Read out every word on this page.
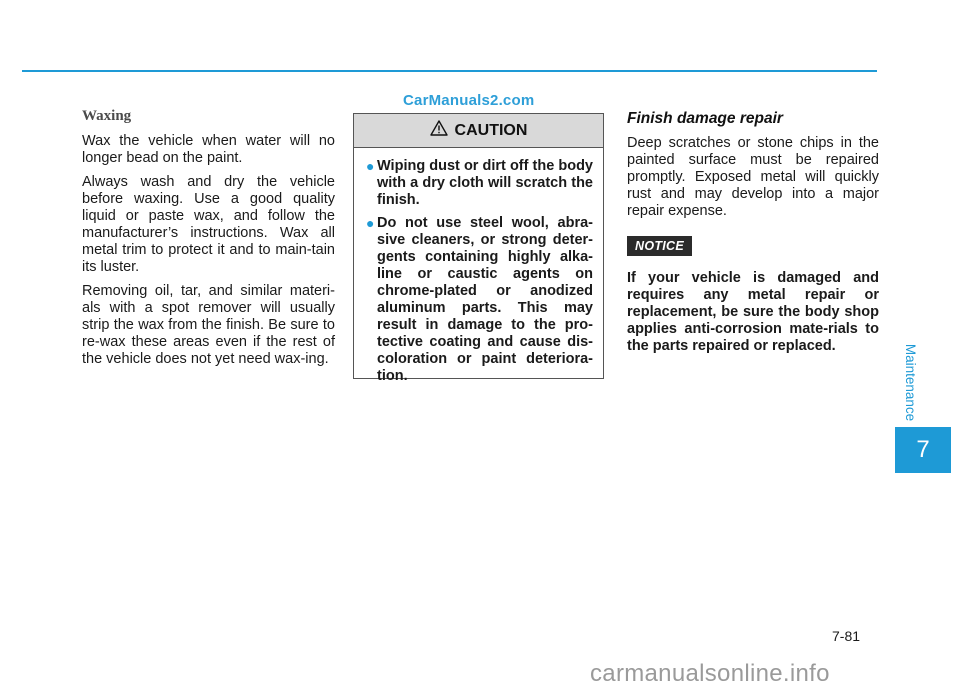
CarManuals2.com
Waxing

Wax the vehicle when water will no longer bead on the paint.

Always wash and dry the vehicle before waxing. Use a good quality liquid or paste wax, and follow the manufacturer’s instructions. Wax all metal trim to protect it and to main-tain its luster.

Removing oil, tar, and similar materi-als with a spot remover will usually strip the wax from the finish. Be sure to re-wax these areas even if the rest of the vehicle does not yet need wax-ing.

CAUTION
● Wiping dust or dirt off the body with a dry cloth will scratch the finish.
● Do not use steel wool, abra-sive cleaners, or strong deter-gents containing highly alka-line or caustic agents on chrome-plated or anodized aluminum parts. This may result in damage to the pro-tective coating and cause dis-coloration or paint deteriora-tion.
Finish damage repair

Deep scratches or stone chips in the painted surface must be repaired promptly. Exposed metal will quickly rust and may develop into a major repair expense.

NOTICE

If your vehicle is damaged and requires any metal repair or replacement, be sure the body shop applies anti-corrosion mate-rials to the parts repaired or replaced.	Maintenance
7
7-81
carmanualsonline.info
